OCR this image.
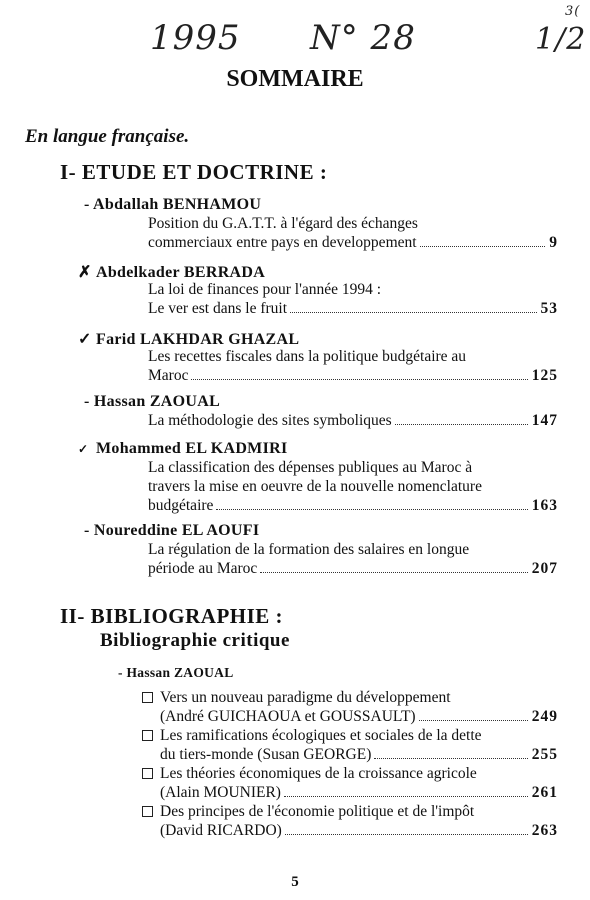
1995 N° 28	1/2
3(
SOMMAIRE
En langue française.
I- ETUDE ET DOCTRINE :
- Abdallah BENHAMOU
Position du G.A.T.T. à l'égard des échanges
commerciaux entre pays en developpement	9
✗ Abdelkader BERRADA
La loi de finances pour l'année 1994 :
Le ver est dans le fruit	53
✓ Farid LAKHDAR GHAZAL
Les recettes fiscales dans la politique budgétaire au
Maroc	125
- Hassan ZAOUAL
La méthodologie des sites symboliques	147
✓ Mohammed EL KADMIRI
La classification des dépenses publiques au Maroc à
travers la mise en oeuvre de la nouvelle nomenclature
budgétaire	163
- Noureddine EL AOUFI
La régulation de la formation des salaires en longue
période au Maroc	207
II- BIBLIOGRAPHIE :
Bibliographie critique
- Hassan ZAOUAL
Vers un nouveau paradigme du développement
(André GUICHAOUA et GOUSSAULT)	249
Les ramifications écologiques et sociales de la dette
du tiers-monde (Susan GEORGE)	255
Les théories économiques de la croissance agricole
(Alain MOUNIER)	261
Des principes de l'économie politique et de l'impôt
(David RICARDO)	263
5
